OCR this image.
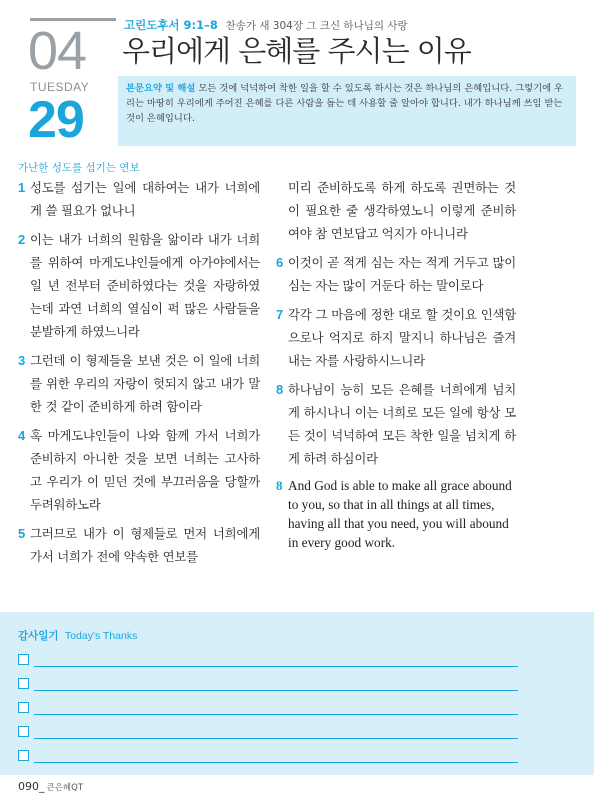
04
TUESDAY
29
고린도후서 9:1–8 찬송가 새 304장 그 크신 하나님의 사랑
우리에게 은혜를 주시는 이유
본문요약 및 해설 모든 것에 넉넉하여 착한 일을 할 수 있도록 하시는 것은 하나님의 은혜입니다. 그렇기에 우리는 마땅히 우리에게 주어진 은혜를 다른 사람을 돕는 데 사용할 줄 알아야 합니다. 내가 하나님께 쓰임 받는 것이 은혜입니다.
가난한 성도를 섬기는 연보
1 성도를 섬기는 일에 대하여는 내가 너희에게 쓸 필요가 없나니
2 이는 내가 너희의 원함을 앎이라 내가 너희를 위하여 마게도냐인들에게 아가야에서는 일 년 전부터 준비하였다는 것을 자랑하였는데 과연 너희의 열심이 퍽 많은 사람들을 분발하게 하였느니라
3 그런데 이 형제들을 보낸 것은 이 일에 너희를 위한 우리의 자랑이 헛되지 않고 내가 말한 것 같이 준비하게 하려 함이라
4 혹 마게도냐인들이 나와 함께 가서 너희가 준비하지 아니한 것을 보면 너희는 고사하고 우리가 이 믿던 것에 부끄러움을 당할까 두려워하노라
5 그러므로 내가 이 형제들로 먼저 너희에게 가서 너희가 전에 약속한 연보를
미리 준비하도록 하게 하도록 권면하는 것이 필요한 줄 생각하였노니 이렇게 준비하여야 참 연보답고 억지가 아니니라
6 이것이 곧 적게 심는 자는 적게 거두고 많이 심는 자는 많이 거둔다 하는 말이로다
7 각각 그 마음에 정한 대로 할 것이요 인색함으로나 억지로 하지 말지니 하나님은 즐겨 내는 자를 사랑하시느니라
8 하나님이 능히 모든 은혜를 너희에게 넘치게 하시나니 이는 너희로 모든 일에 항상 모든 것이 넉넉하여 모든 착한 일을 넘치게 하게 하려 하심이라
8 And God is able to make all grace abound to you, so that in all things at all times, having all that you need, you will abound in every good work.
감사일기 Today's Thanks
090_ 큰은혜QT
